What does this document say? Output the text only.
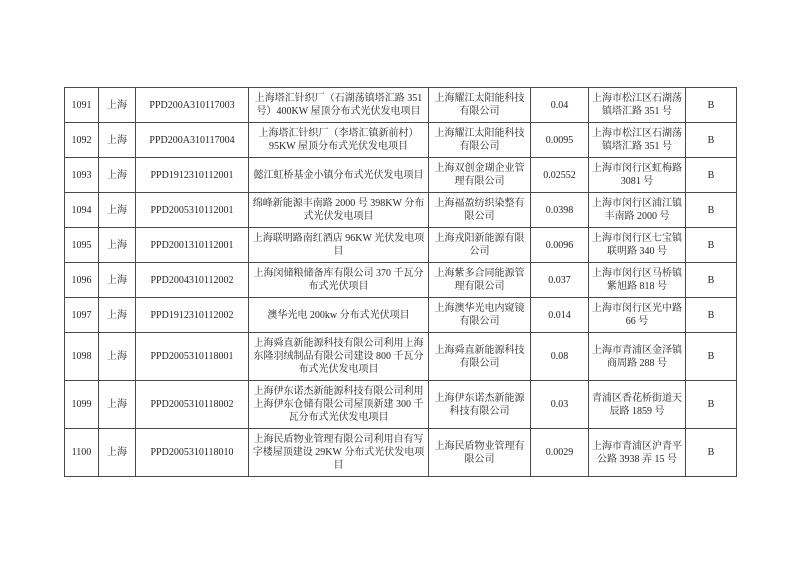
1091	上海	PPD200A310117003	上海塔汇针织厂（石湖荡镇塔汇路 351 号）400KW 屋顶分布式光伏发电项目	上海耀江太阳能科技有限公司	0.04	上海市松江区石湖荡镇塔汇路 351 号	B
1092	上海	PPD200A310117004	上海塔汇针织厂（李塔汇镇新前村）95KW 屋顶分布式光伏发电项目	上海耀江太阳能科技有限公司	0.0095	上海市松江区石湖荡镇塔汇路 351 号	B
1093	上海	PPD1912310112001	懿江虹桥基金小镇分布式光伏发电项目	上海双创金瑚企业管理有限公司	0.02552	上海市闵行区虹梅路 3081 号	B
1094	上海	PPD2005310112001	绵峰新能源丰南路 2000 号 398KW 分布式光伏发电项目	上海福盈纺织染整有限公司	0.0398	上海市闵行区浦江镇丰南路 2000 号	B
1095	上海	PPD2001310112001	上海联明路南红酒店 96KW 光伏发电项目	上海戎阳新能源有限公司	0.0096	上海市闵行区七宝镇联明路 340 号	B
1096	上海	PPD2004310112002	上海闵储粮储备库有限公司 370 千瓦分布式光伏项目	上海紫多合同能源管理有限公司	0.037	上海市闵行区马桥镇紫旭路 818 号	B
1097	上海	PPD1912310112002	澳华光电 200kw 分布式光伏项目	上海澳华光电内窥镜有限公司	0.014	上海市闵行区光中路 66 号	B
1098	上海	PPD2005310118001	上海舜直新能源科技有限公司利用上海东隆羽绒制品有限公司建设 800 千瓦分布式光伏发电项目	上海舜直新能源科技有限公司	0.08	上海市青浦区金泽镇商周路 288 号	B
1099	上海	PPD2005310118002	上海伊东诺杰新能源科技有限公司利用上海伊东仓储有限公司屋顶新建 300 千瓦分布式光伏发电项目	上海伊东诺杰新能源科技有限公司	0.03	青浦区香花桥街道天辰路 1859 号	B
1100	上海	PPD2005310118010	上海民盾物业管理有限公司利用自有写字楼屋顶建设 29KW 分布式光伏发电项目	上海民盾物业管理有限公司	0.0029	上海市青浦区沪青平公路 3938 弄 15 号	B
